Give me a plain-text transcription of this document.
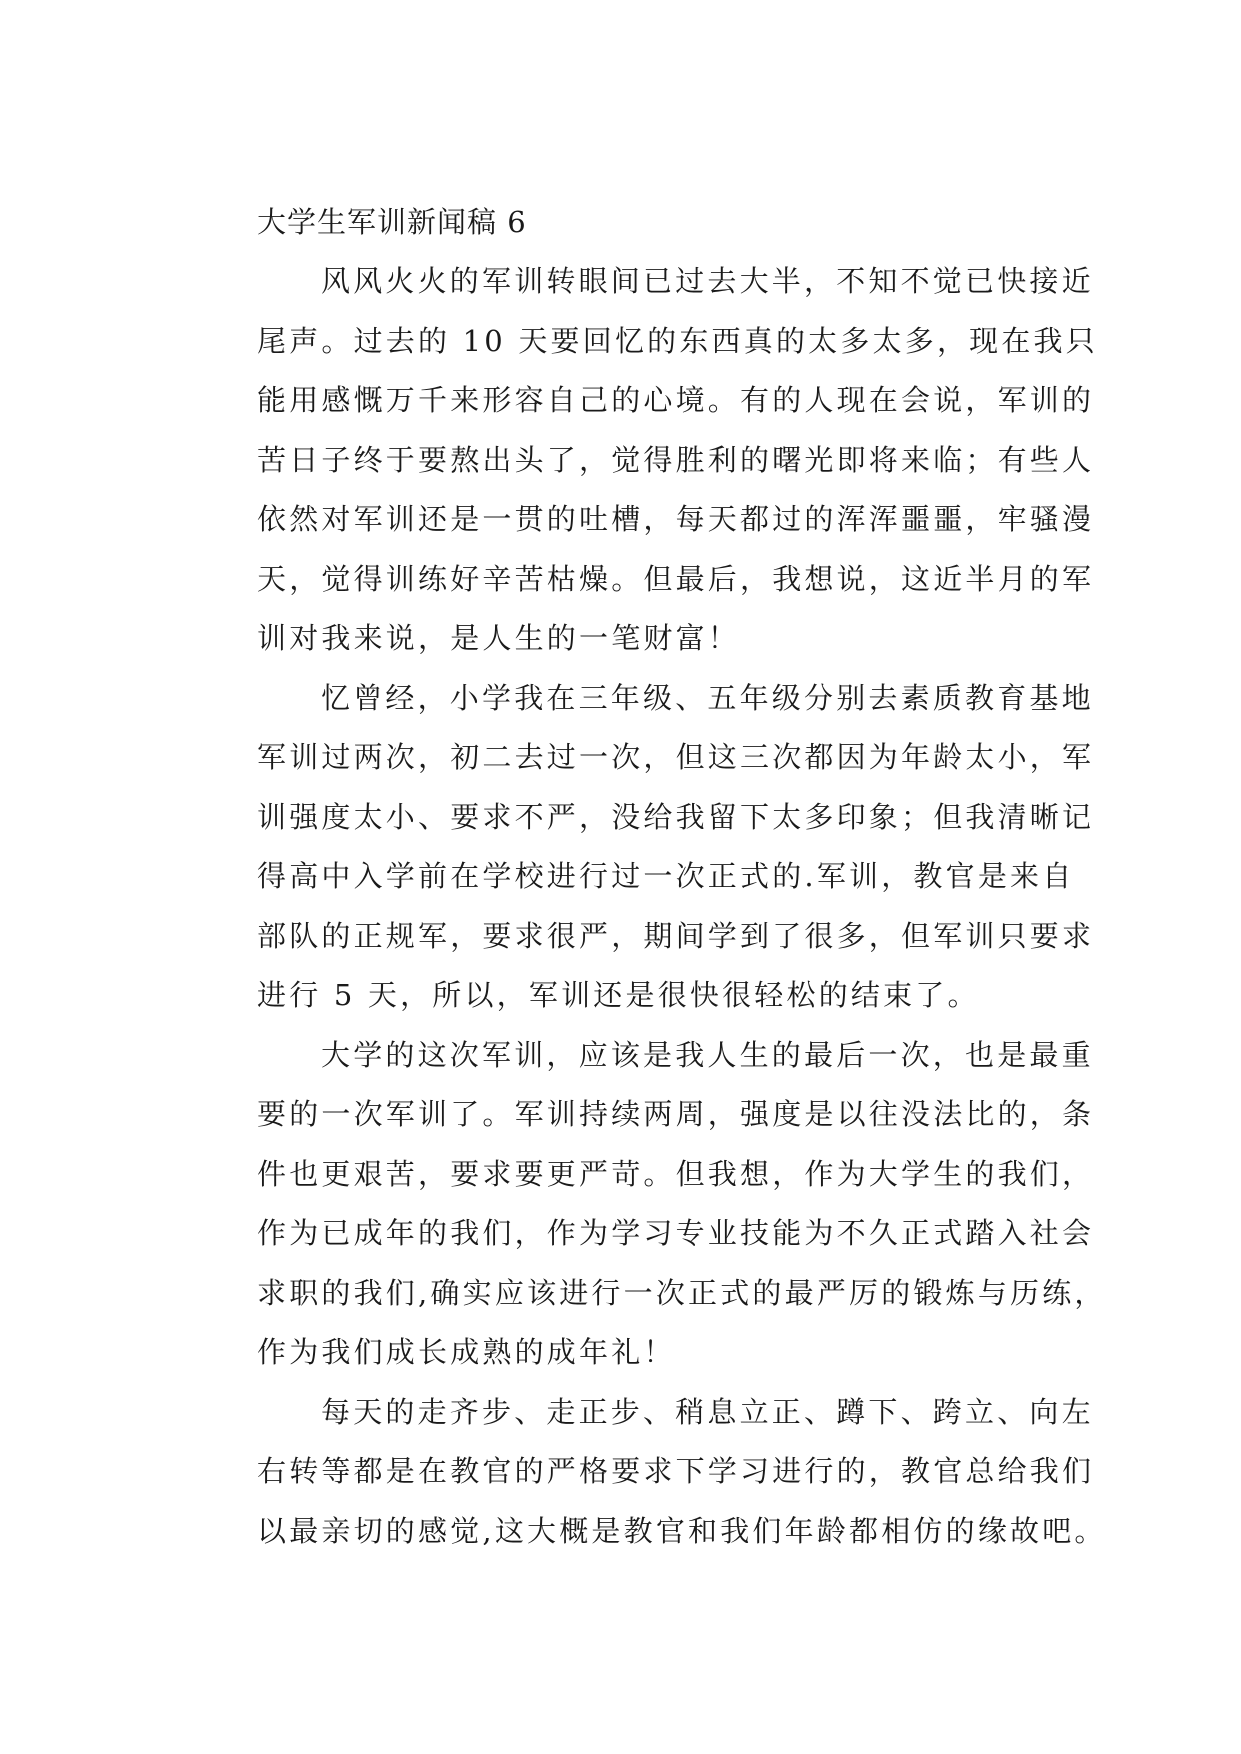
大学生军训新闻稿 6

风风火火的军训转眼间已过去大半，不知不觉已快接近
尾声。过去的 10 天要回忆的东西真的太多太多，现在我只
能用感慨万千来形容自己的心境。有的人现在会说，军训的
苦日子终于要熬出头了，觉得胜利的曙光即将来临；有些人
依然对军训还是一贯的吐槽，每天都过的浑浑噩噩，牢骚漫
天，觉得训练好辛苦枯燥。但最后，我想说，这近半月的军
训对我来说，是人生的一笔财富！

忆曾经，小学我在三年级、五年级分别去素质教育基地
军训过两次，初二去过一次，但这三次都因为年龄太小，军
训强度太小、要求不严，没给我留下太多印象；但我清晰记
得高中入学前在学校进行过一次正式的.军训，教官是来自
部队的正规军，要求很严，期间学到了很多，但军训只要求
进行 5 天，所以，军训还是很快很轻松的结束了。

大学的这次军训，应该是我人生的最后一次，也是最重
要的一次军训了。军训持续两周，强度是以往没法比的，条
件也更艰苦，要求要更严苛。但我想，作为大学生的我们，
作为已成年的我们，作为学习专业技能为不久正式踏入社会
求职的我们,确实应该进行一次正式的最严厉的锻炼与历练，
作为我们成长成熟的成年礼！

每天的走齐步、走正步、稍息立正、蹲下、跨立、向左
右转等都是在教官的严格要求下学习进行的，教官总给我们
以最亲切的感觉,这大概是教官和我们年龄都相仿的缘故吧。
